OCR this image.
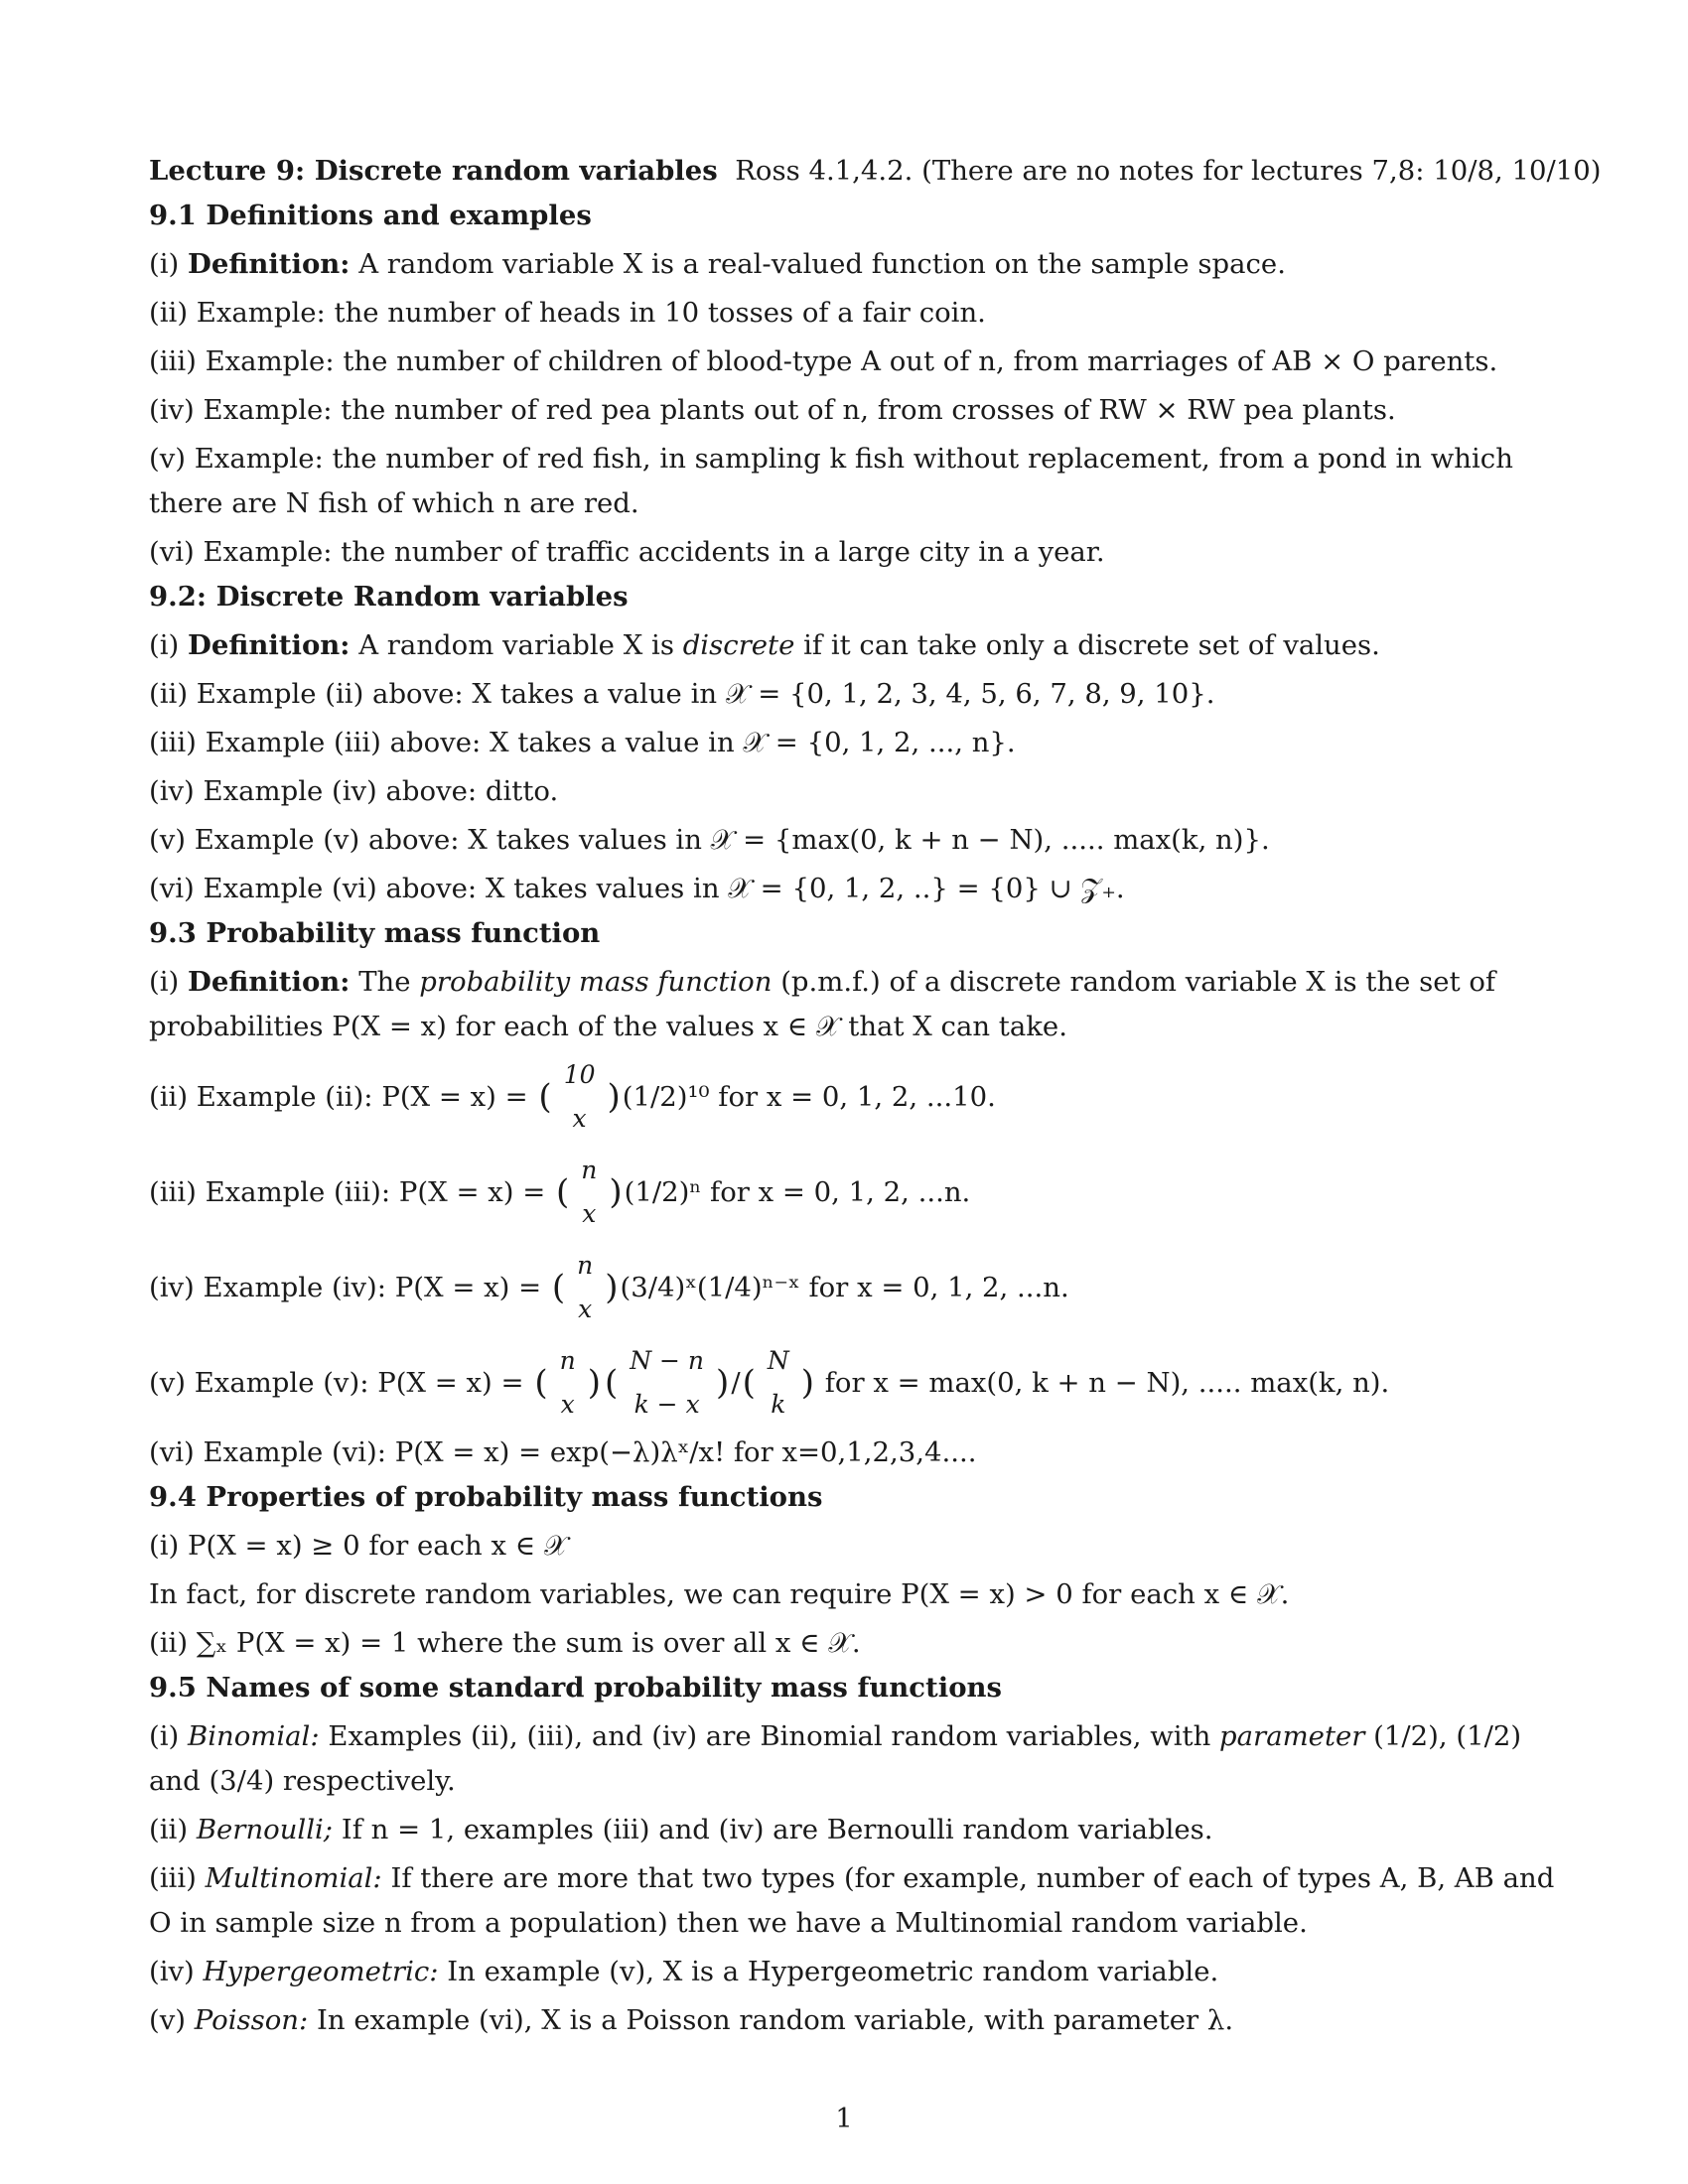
Lecture 9: Discrete random variables Ross 4.1,4.2. (There are no notes for lectures 7,8: 10/8, 10/10)

9.1 Definitions and examples

(i) Definition: A random variable X is a real-valued function on the sample space.

(ii) Example: the number of heads in 10 tosses of a fair coin.

(iii) Example: the number of children of blood-type A out of n, from marriages of AB × O parents.

(iv) Example: the number of red pea plants out of n, from crosses of RW × RW pea plants.

(v) Example: the number of red fish, in sampling k fish without replacement, from a pond in which there are N fish of which n are red.

(vi) Example: the number of traffic accidents in a large city in a year.

9.2: Discrete Random variables

(i) Definition: A random variable X is discrete if it can take only a discrete set of values.

(ii) Example (ii) above: X takes a value in 𝒳 = {0, 1, 2, 3, 4, 5, 6, 7, 8, 9, 10}.

(iii) Example (iii) above: X takes a value in 𝒳 = {0, 1, 2, ..., n}.

(iv) Example (iv) above: ditto.

(v) Example (v) above: X takes values in 𝒳 = {max(0, k + n − N), ..... max(k, n)}.

(vi) Example (vi) above: X takes values in 𝒳 = {0, 1, 2, ..} = {0} ∪ 𝒵₊.

9.3 Probability mass function

(i) Definition: The probability mass function (p.m.f.) of a discrete random variable X is the set of probabilities P(X = x) for each of the values x ∈ 𝒳 that X can take.

(ii) Example (ii): P(X = x) =
(
10
x
) (1/2)¹⁰ for x = 0, 1, 2, ...10.
(iii) Example (iii): P(X = x) =
(
n
x
) (1/2)ⁿ for x = 0, 1, 2, ...n.
(iv) Example (iv): P(X = x) =
(
n
x
) (3/4)ˣ(1/4)ⁿ⁻ˣ for x = 0, 1, 2, ...n.
(v) Example (v): P(X = x) =
(
n
x
) (
N − n
k − x
) / (
N
k
)
for x = max(0, k + n − N), ..... max(k, n).

(vi) Example (vi): P(X = x) = exp(−λ)λˣ/x! for x=0,1,2,3,4....

9.4 Properties of probability mass functions

(i) P(X = x) ≥ 0 for each x ∈ 𝒳

In fact, for discrete random variables, we can require P(X = x) > 0 for each x ∈ 𝒳.

(ii) ∑ₓ P(X = x) = 1 where the sum is over all x ∈ 𝒳.

9.5 Names of some standard probability mass functions

(i) Binomial: Examples (ii), (iii), and (iv) are Binomial random variables, with parameter (1/2), (1/2) and (3/4) respectively.

(ii) Bernoulli; If n = 1, examples (iii) and (iv) are Bernoulli random variables.

(iii) Multinomial: If there are more that two types (for example, number of each of types A, B, AB and O in sample size n from a population) then we have a Multinomial random variable.

(iv) Hypergeometric: In example (v), X is a Hypergeometric random variable.

(v) Poisson: In example (vi), X is a Poisson random variable, with parameter λ.

1
